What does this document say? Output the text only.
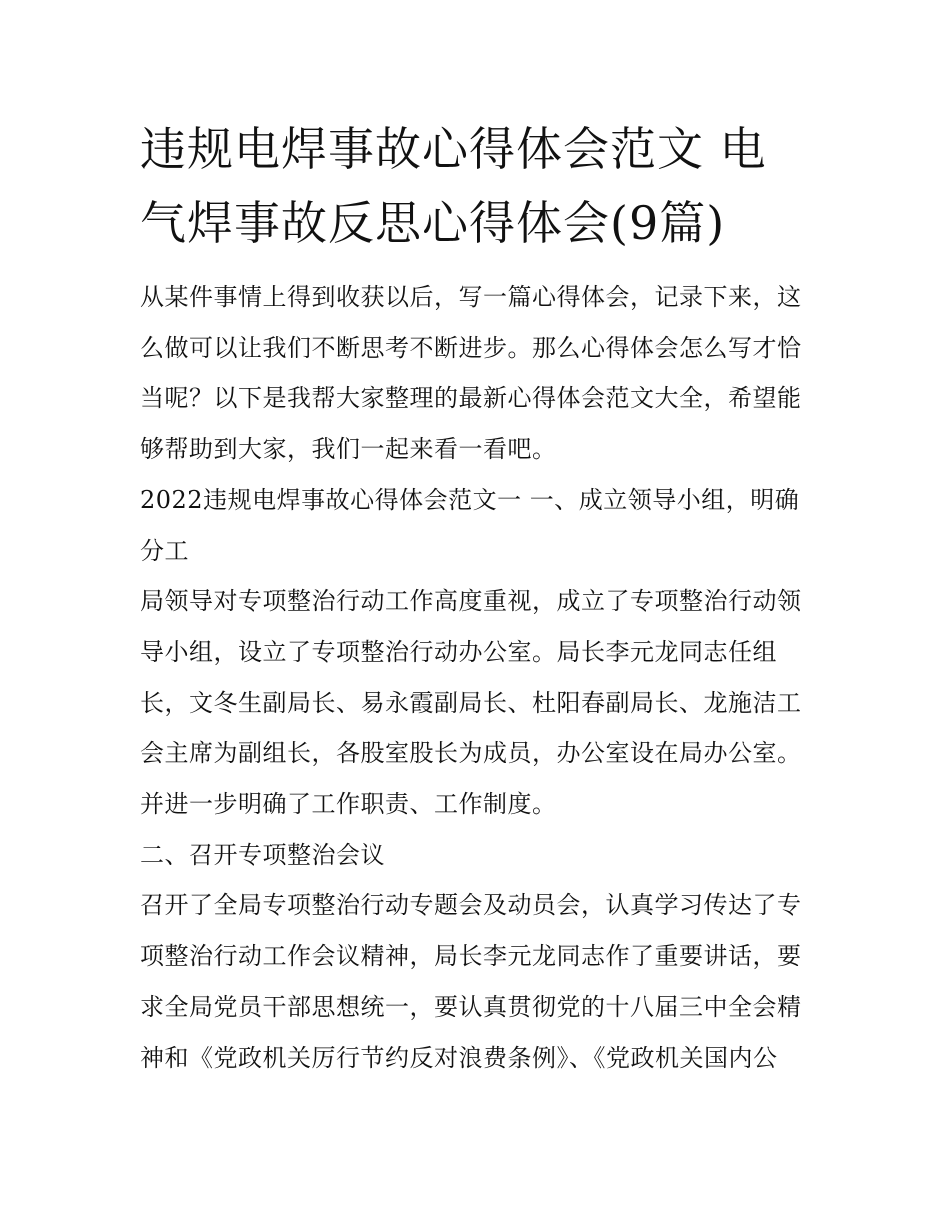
违规电焊事故心得体会范文 电气焊事故反思心得体会(9篇)

从某件事情上得到收获以后，写一篇心得体会，记录下来，这么做可以让我们不断思考不断进步。那么心得体会怎么写才恰当呢？以下是我帮大家整理的最新心得体会范文大全，希望能够帮助到大家，我们一起来看一看吧。

2022违规电焊事故心得体会范文一 一、成立领导小组，明确分工

局领导对专项整治行动工作高度重视，成立了专项整治行动领导小组，设立了专项整治行动办公室。局长李元龙同志任组长，文冬生副局长、易永霞副局长、杜阳春副局长、龙施洁工会主席为副组长，各股室股长为成员，办公室设在局办公室。并进一步明确了工作职责、工作制度。

二、召开专项整治会议

召开了全局专项整治行动专题会及动员会，认真学习传达了专项整治行动工作会议精神，局长李元龙同志作了重要讲话，要求全局党员干部思想统一，要认真贯彻党的十八届三中全会精神和《党政机关厉行节约反对浪费条例》、《党政机关国内公
